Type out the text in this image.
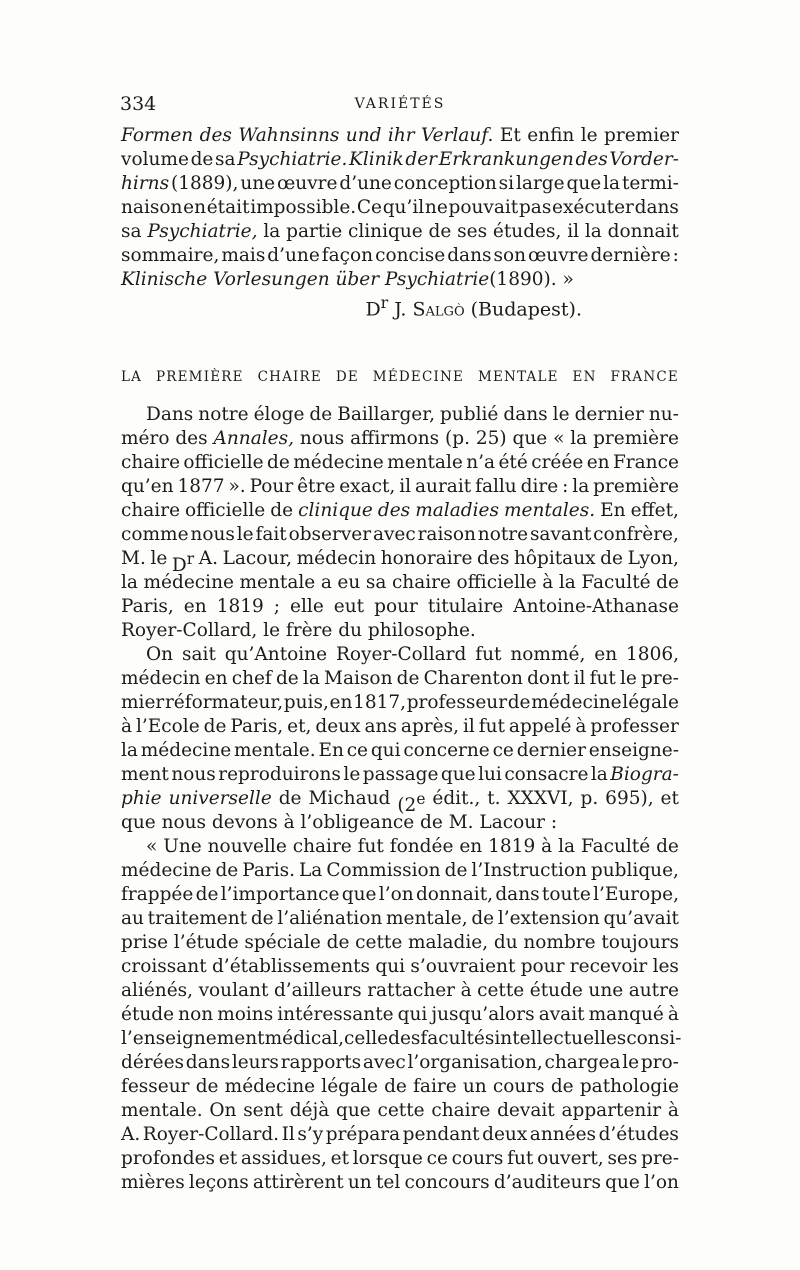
334	VARIÉTÉS
Formen des Wahnsinns und ihr Verlauf. Et enfin le premier
volume de sa Psychiatrie. Klinik der Erkrankungen des Vorder-
hirns (1889), une œuvre d’une conception si large que la termi-
naison en était impossible. Ce qu’il ne pouvait pas exécuter dans
sa Psychiatrie, la partie clinique de ses études, il la donnait
sommaire, mais d’une façon concise dans son œuvre dernière :
Klinische Vorlesungen über Psychiatrie (1890). »
$D^r$ J. Salgò (Budapest).
LA PREMIÈRE CHAIRE DE MÉDECINE MENTALE EN FRANCE
Dans notre éloge de Baillarger, publié dans le dernier nu-
méro des Annales, nous affirmons (p. 25) que « la première
chaire officielle de médecine mentale n’a été créée en France
qu’en 1877 ». Pour être exact, il aurait fallu dire : la première
chaire officielle de clinique des maladies mentales. En effet,
comme nous le fait observer avec raison notre savant confrère,
M. le $D^r$ A. Lacour, médecin honoraire des hôpitaux de Lyon,
la médecine mentale a eu sa chaire officielle à la Faculté de
Paris, en 1819 ; elle eut pour titulaire Antoine-Athanase
Royer-Collard, le frère du philosophe.
On sait qu’Antoine Royer-Collard fut nommé, en 1806,
médecin en chef de la Maison de Charenton dont il fut le pre-
mier réformateur, puis, en 1817, professeur de médecine légale
à l’Ecole de Paris, et, deux ans après, il fut appelé à professer
la médecine mentale. En ce qui concerne ce dernier enseigne-
ment nous reproduirons le passage que lui consacre la Biogra-
phie universelle de Michaud (2e édit., t. XXXVI, p. 695), et
que nous devons à l’obligeance de M. Lacour :
« Une nouvelle chaire fut fondée en 1819 à la Faculté de
médecine de Paris. La Commission de l’Instruction publique,
frappée de l’importance que l’on donnait, dans toute l’Europe,
au traitement de l’aliénation mentale, de l’extension qu’avait
prise l’étude spéciale de cette maladie, du nombre toujours
croissant d’établissements qui s’ouvraient pour recevoir les
aliénés, voulant d’ailleurs rattacher à cette étude une autre
étude non moins intéressante qui jusqu’alors avait manqué à
l’enseignement médical, celle des facultés intellectuelles consi-
dérées dans leurs rapports avec l’organisation, chargea le pro-
fesseur de médecine légale de faire un cours de pathologie
mentale. On sent déjà que cette chaire devait appartenir à
A. Royer-Collard. Il s’y prépara pendant deux années d’études
profondes et assidues, et lorsque ce cours fut ouvert, ses pre-
mières leçons attirèrent un tel concours d’auditeurs que l’on
